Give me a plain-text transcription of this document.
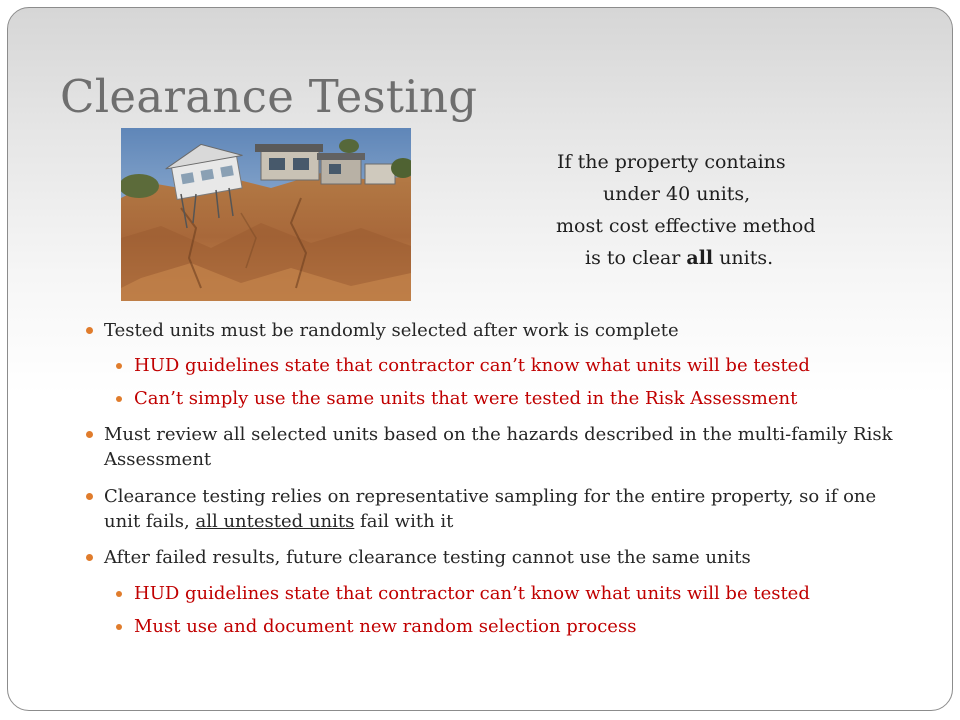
Clearance Testing
If the property contains
under 40 units,
most cost effective method
is to clear all units.
Tested units must be randomly selected after work is complete
HUD guidelines state that contractor can’t know what units will be tested
Can’t simply use the same units that were tested in the Risk Assessment
Must review all selected units based on the hazards described in the multi-family Risk Assessment
Clearance testing relies on representative sampling for the entire property, so if one unit fails, all untested units fail with it
After failed results, future clearance testing cannot use the same units
HUD guidelines state that contractor can’t know what units will be tested
Must use and document new random selection process
